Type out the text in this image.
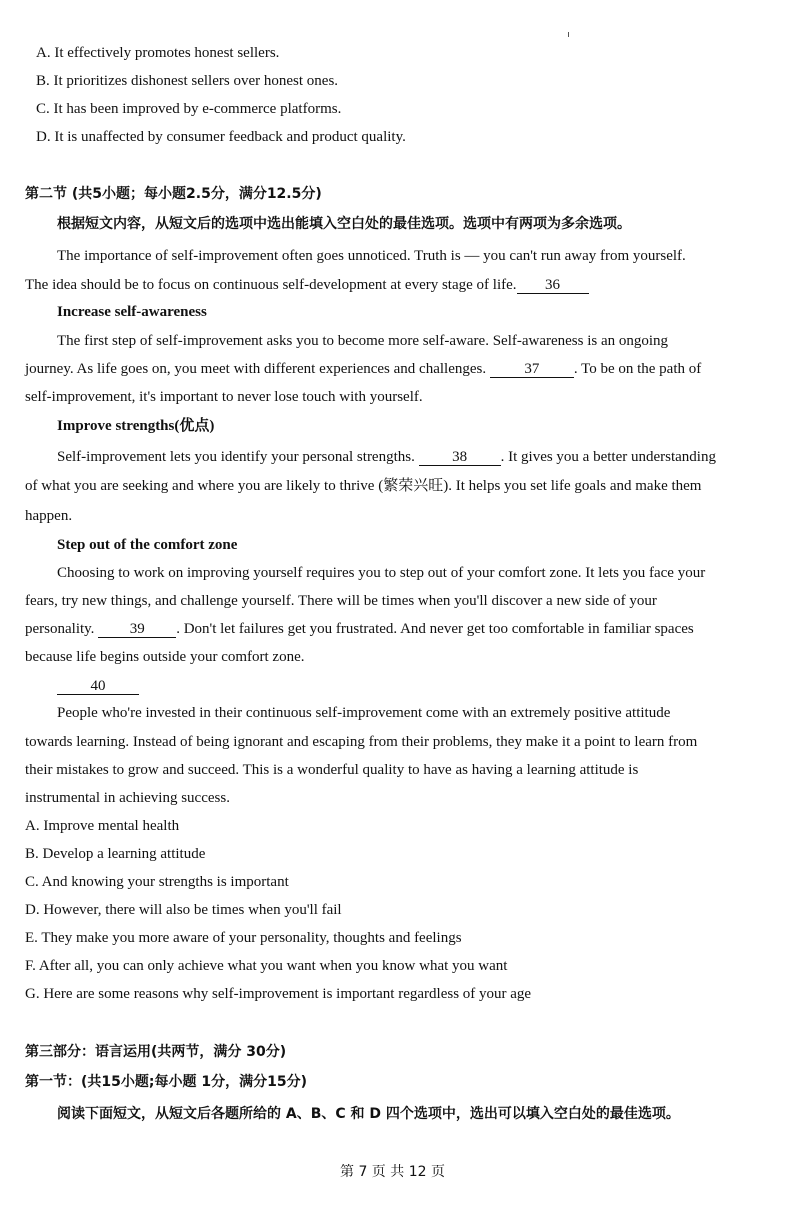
A. It effectively promotes honest sellers.
B. It prioritizes dishonest sellers over honest ones.
C. It has been improved by e-commerce platforms.
D. It is unaffected by consumer feedback and product quality.
第二节 (共5小题；每小题2.5分，满分12.5分)
根据短文内容，从短文后的选项中选出能填入空白处的最佳选项。选项中有两项为多余选项。
The importance of self-improvement often goes unnoticed. Truth is — you can't run away from yourself.
The idea should be to focus on continuous self-development at every stage of life. 36
Increase self-awareness
The first step of self-improvement asks you to become more self-aware. Self-awareness is an ongoing
journey. As life goes on, you meet with different experiences and challenges.	37 . To be on the path of
self-improvement, it's important to never lose touch with yourself.
Improve strengths(优点)
Self-improvement lets you identify your personal strengths. 38 . It gives you a better understanding
of what you are seeking and where you are likely to thrive (繁荣兴旺). It helps you set life goals and make them
happen.
Step out of the comfort zone
Choosing to work on improving yourself requires you to step out of your comfort zone. It lets you face your
fears, try new things, and challenge yourself. There will be times when you'll discover a new side of your
personality. 39 . Don't let failures get you frustrated. And never get too comfortable in familiar spaces
because life begins outside your comfort zone.
40
People who're invested in their continuous self-improvement come with an extremely positive attitude
towards learning. Instead of being ignorant and escaping from their problems, they make it a point to learn from
their mistakes to grow and succeed. This is a wonderful quality to have as having a learning attitude is
instrumental in achieving success.
A. Improve mental health
B. Develop a learning attitude
C. And knowing your strengths is important
D. However, there will also be times when you'll fail
E. They make you more aware of your personality, thoughts and feelings
F. After all, you can only achieve what you want when you know what you want
G. Here are some reasons why self-improvement is important regardless of your age
第三部分：语言运用(共两节，满分 30分)
第一节：(共15小题;每小题 1分，满分15分)
阅读下面短文，从短文后各题所给的 A、B、C 和 D 四个选项中，选出可以填入空白处的最佳选项。
第 7 页 共 12 页
